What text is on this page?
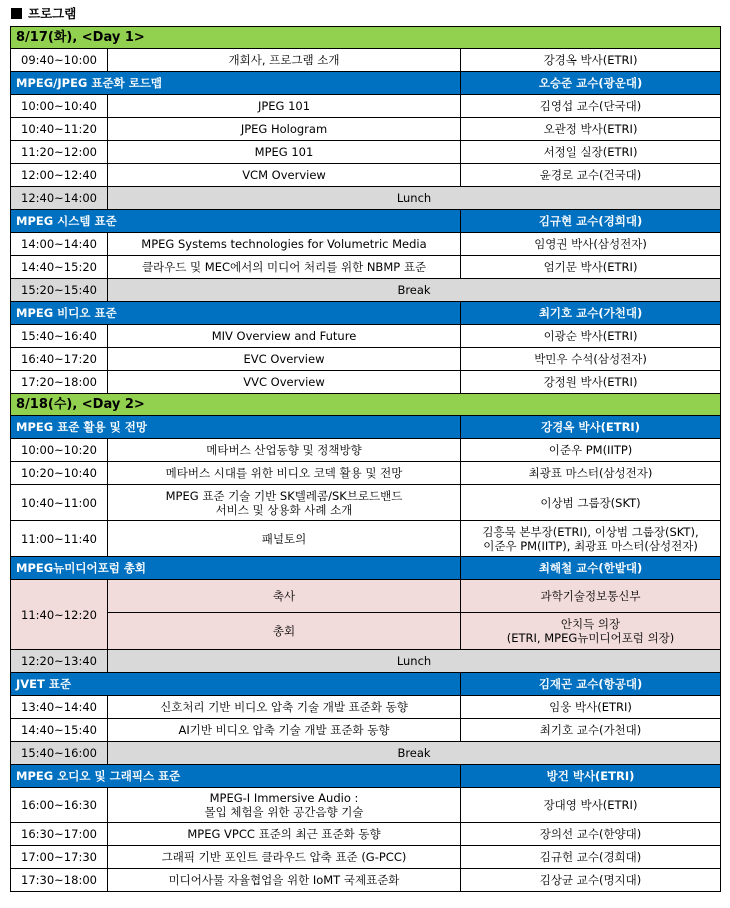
프로그램
8/17(화), <Day 1>		
09:40~10:00	개회사, 프로그램 소개	강경옥 박사(ETRI)
MPEG/JPEG 표준화 로드맵		오승준 교수(광운대)
10:00~10:40	JPEG 101	김영섭 교수(단국대)
10:40~11:20	JPEG Hologram	오관정 박사(ETRI)
11:20~12:00	MPEG 101	서정일 실장(ETRI)
12:00~12:40	VCM Overview	윤경로 교수(건국대)
12:40~14:00	Lunch	
MPEG 시스템 표준		김규현 교수(경희대)
14:00~14:40	MPEG Systems technologies for Volumetric Media	임영권 박사(삼성전자)
14:40~15:20	클라우드 및 MEC에서의 미디어 처리를 위한 NBMP 표준	엄기문 박사(ETRI)
15:20~15:40	Break	
MPEG 비디오 표준		최기호 교수(가천대)
15:40~16:40	MIV Overview and Future	이광순 박사(ETRI)
16:40~17:20	EVC Overview	박민우 수석(삼성전자)
17:20~18:00	VVC Overview	강정원 박사(ETRI)
8/18(수), <Day 2>		
MPEG 표준 활용 및 전망		강경옥 박사(ETRI)
10:00~10:20	메타버스 산업동향 및 정책방향	이준우 PM(IITP)
10:20~10:40	메타버스 시대를 위한 비디오 코덱 활용 및 전망	최광표 마스터(삼성전자)
10:40~11:00	MPEG 표준 기술 기반 SK텔레콤/SK브로드밴드
서비스 및 상용화 사례 소개	이상범 그룹장(SKT)
11:00~11:40	패널토의	김흥묵 본부장(ETRI), 이상범 그룹장(SKT),
이준우 PM(IITP), 최광표 마스터(삼성전자)

MPEG뉴미디어포럼 총회		최해철 교수(한밭대)
11:40~12:20	축사	과학기술정보통신부
	총회	안치득 의장
(ETRI, MPEG뉴미디어포럼 의장)

12:20~13:40	Lunch	
JVET 표준		김재곤 교수(항공대)
13:40~14:40	신호처리 기반 비디오 압축 기술 개발 표준화 동향	임웅 박사(ETRI)
14:40~15:40	AI기반 비디오 압축 기술 개발 표준화 동향	최기호 교수(가천대)
15:40~16:00	Break	
MPEG 오디오 및 그래픽스 표준		방건 박사(ETRI)
16:00~16:30	MPEG-I Immersive Audio :
몰입 체험을 위한 공간음향 기술	장대영 박사(ETRI)
16:30~17:00	MPEG VPCC 표준의 최근 표준화 동향	장의선 교수(한양대)
17:00~17:30	그래픽 기반 포인트 클라우드 압축 표준 (G-PCC)	김규헌 교수(경희대)
17:30~18:00	미디어사물 자율협업을 위한 IoMT 국제표준화	김상균 교수(명지대)
